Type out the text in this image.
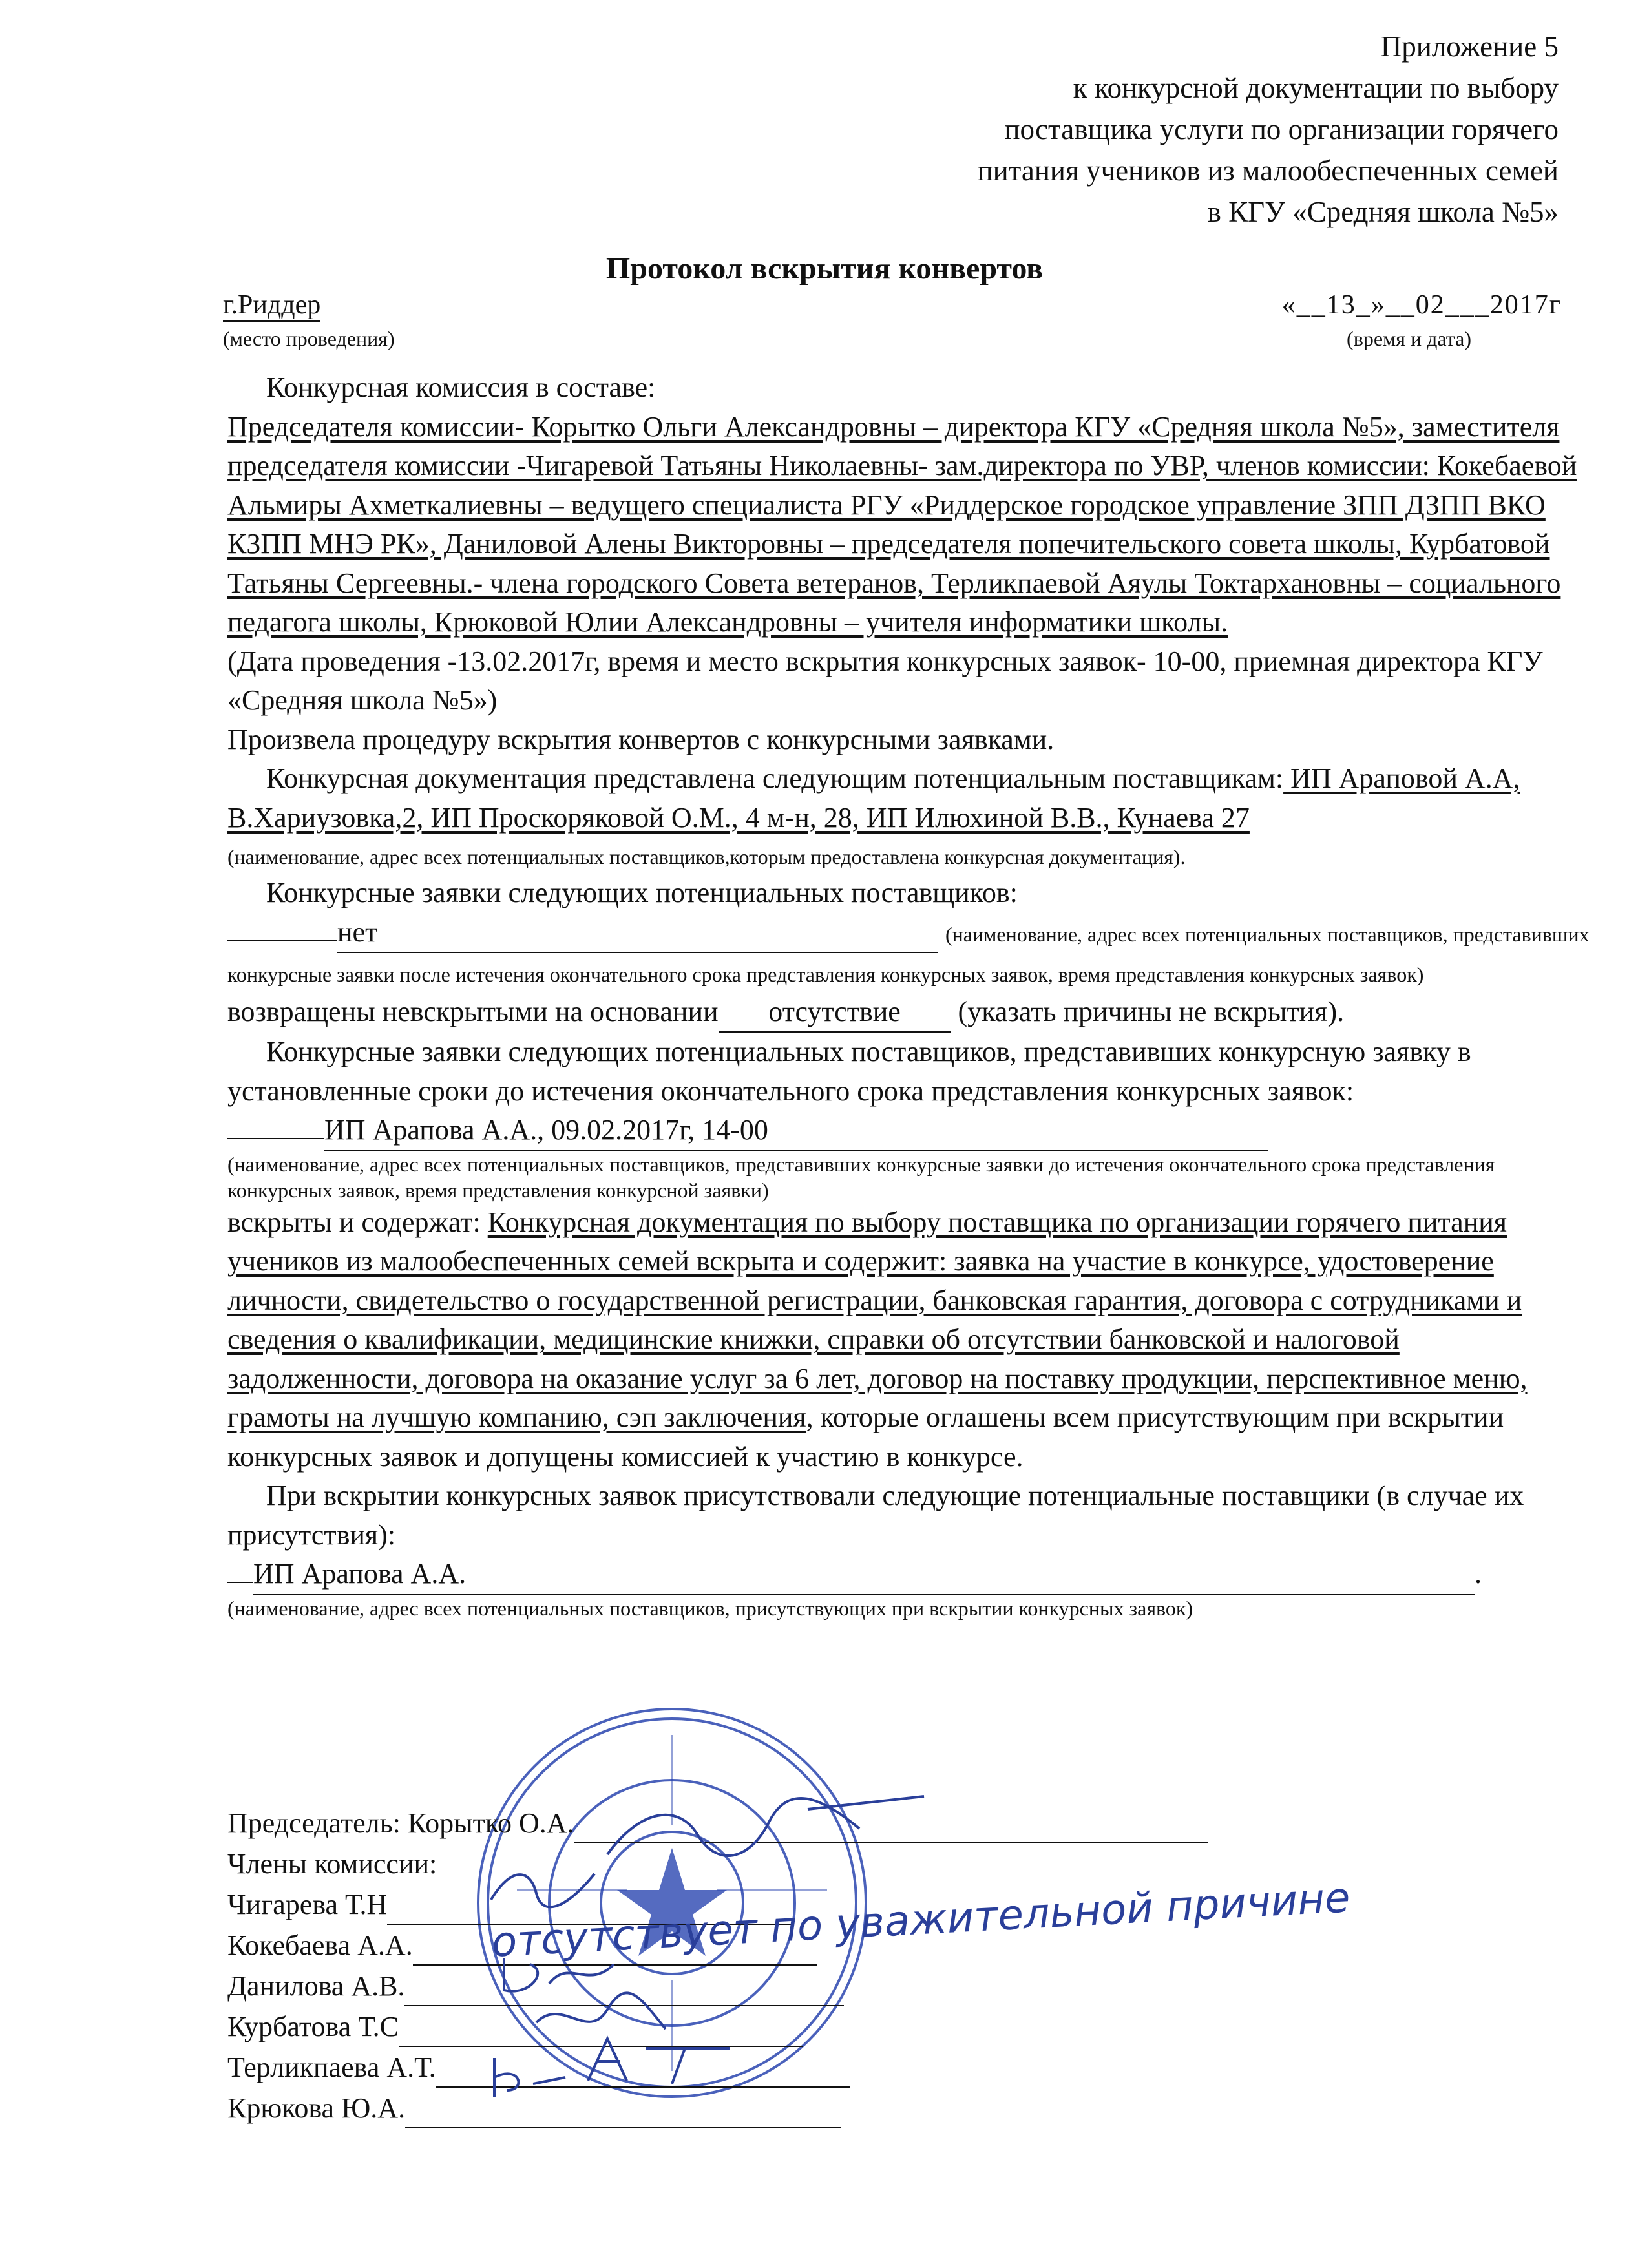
Приложение 5
к конкурсной документации по выбору
поставщика услуги по организации горячего
питания учеников из малообеспеченных семей
в КГУ «Средняя школа №5»
Протокол вскрытия конвертов
г.Риддер
(место проведения)
«__13_»__02___2017г
(время и дата)

Конкурсная комиссия в составе:

Председателя комиссии- Корытко Ольги Александровны – директора КГУ «Средняя школа №5», заместителя председателя комиссии -Чигаревой Татьяны Николаевны- зам.директора по УВР, членов комиссии: Кокебаевой Альмиры Ахметкалиевны – ведущего специалиста РГУ «Риддерское городское управление ЗПП ДЗПП ВКО КЗПП МНЭ РК», Даниловой Алены Викторовны – председателя попечительского совета школы, Курбатовой Татьяны Сергеевны.- члена городского Совета ветеранов, Терликпаевой Аяулы Токтархановны – социального педагога школы, Крюковой Юлии Александровны – учителя информатики школы.

(Дата проведения -13.02.2017г, время и место вскрытия конкурсных заявок- 10-00, приемная директора КГУ «Средняя школа №5»)

Произвела процедуру вскрытия конвертов с конкурсными заявками.

Конкурсная документация представлена следующим потенциальным поставщикам: ИП Араповой А.А, В.Хариузовка,2, ИП Проскоряковой О.М., 4 м-н, 28, ИП Илюхиной В.В., Кунаева 27

(наименование, адрес всех потенциальных поставщиков,которым предоставлена конкурсная документация).

Конкурсные заявки следующих потенциальных поставщиков:

нет	(наименование, адрес всех потенциальных поставщиков, представивших конкурсные заявки после истечения окончательного срока представления конкурсных заявок, время представления конкурсных заявок)

возвращены невскрытыми на основании отсутствие (указать причины не вскрытия).

Конкурсные заявки следующих потенциальных поставщиков, представивших конкурсную заявку в установленные сроки до истечения окончательного срока представления конкурсных заявок:

ИП Арапова А.А., 09.02.2017г, 14-00

(наименование, адрес всех потенциальных поставщиков, представивших конкурсные заявки до истечения окончательного срока представления конкурсных заявок, время представления конкурсной заявки)

вскрыты и содержат: Конкурсная документация по выбору поставщика по организации горячего питания учеников из малообеспеченных семей вскрыта и содержит: заявка на участие в конкурсе, удостоверение личности, свидетельство о государственной регистрации, банковская гарантия, договора с сотрудниками и сведения о квалификации, медицинские книжки, справки об отсутствии банковской и налоговой задолженности, договора на оказание услуг за 6 лет, договор на поставку продукции, перспективное меню, грамоты на лучшую компанию, сэп заключения, которые оглашены всем присутствующим при вскрытии конкурсных заявок и допущены комиссией к участию в конкурсе.

При вскрытии конкурсных заявок присутствовали следующие потенциальные поставщики (в случае их присутствия):

ИП Арапова А.А.	.

(наименование, адрес всех потенциальных поставщиков, присутствующих при вскрытии конкурсных заявок)

Председатель: Корытко О.А.
Члены комиссии:
Чигарева Т.Н
Кокебаева А.А.
Данилова А.В.
Курбатова Т.С
Терликпаева А.Т.
Крюкова Ю.А.
отсутствует по уважительной причине
